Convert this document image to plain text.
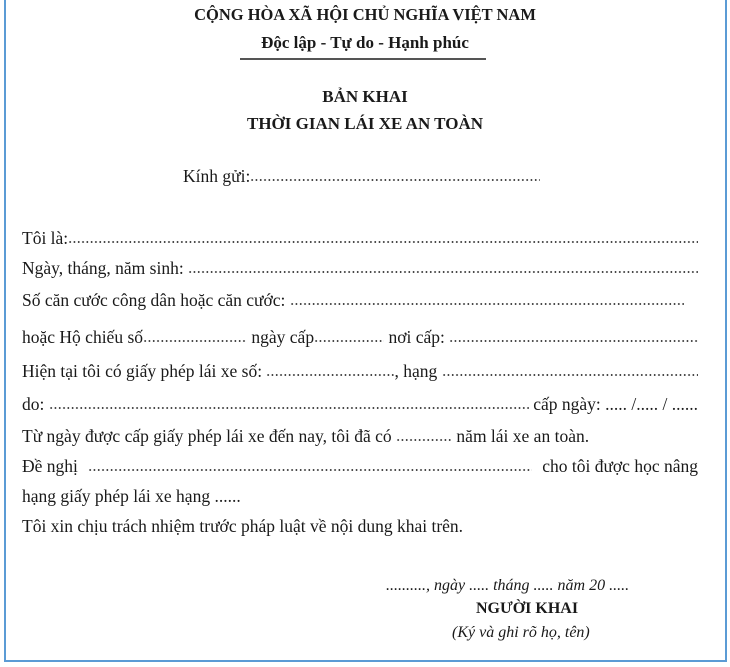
CỘNG HÒA XÃ HỘI CHỦ NGHĨA VIỆT NAM
Độc lập - Tự do - Hạnh phúc
BẢN KHAI
THỜI GIAN LÁI XE AN TOÀN
Kính gửi:
Tôi là:
Ngày, tháng, năm sinh:
Số căn cước công dân hoặc căn cước:
hoặc Hộ chiếu số	ngày cấp	nơi cấp:
Hiện tại tôi có giấy phép lái xe số:	, hạng
do:	cấp ngày: ..... /..... / ......
Từ ngày được cấp giấy phép lái xe đến nay, tôi đã có	năm lái xe an toàn.
Đề nghị	cho tôi được học nâng
hạng giấy phép lái xe hạng ......
Tôi xin chịu trách nhiệm trước pháp luật về nội dung khai trên.
.........., ngày ..... tháng ..... năm 20 .....
NGƯỜI KHAI
(Ký và ghi rõ họ, tên)
